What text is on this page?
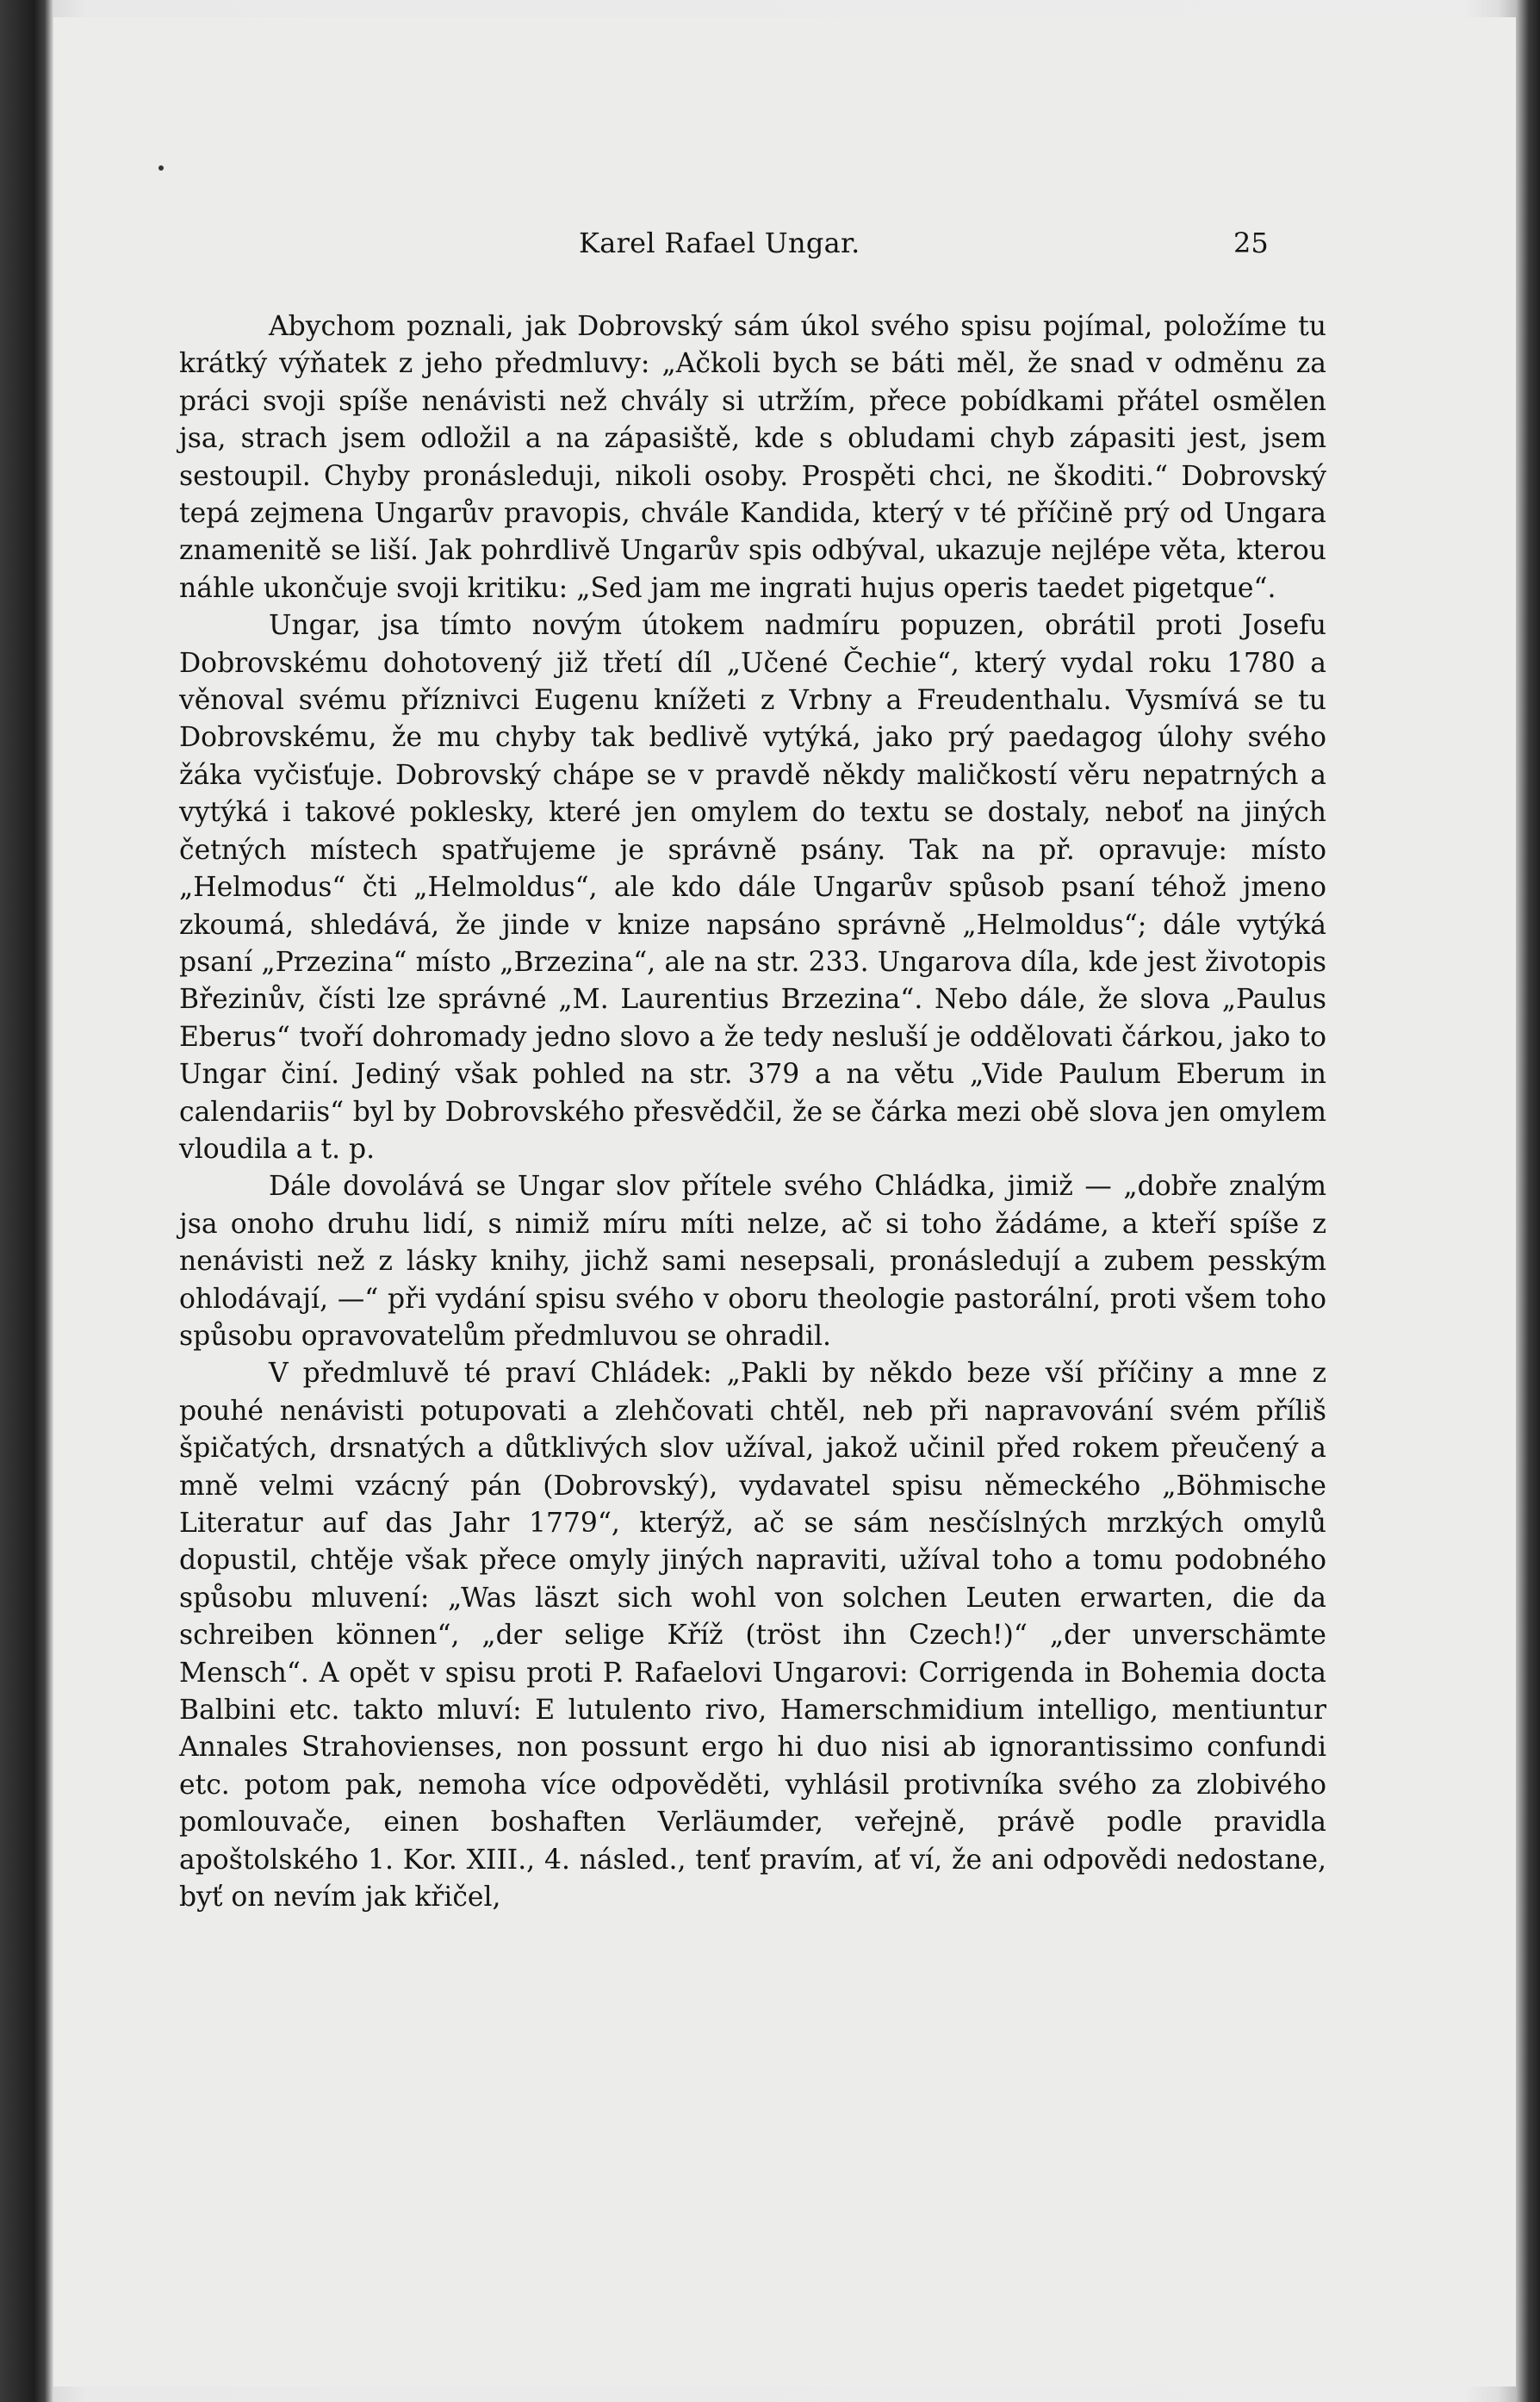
Karel Rafael Ungar.	25

Abychom poznali, jak Dobrovský sám úkol svého spisu pojímal, položíme tu krátký výňatek z jeho předmluvy: „Ačkoli bych se báti měl, že snad v odměnu za práci svoji spíše nenávisti než chvály si utržím, přece pobídkami přátel osmělen jsa, strach jsem odložil a na zápasiště, kde s obludami chyb zápasiti jest, jsem sestoupil. Chyby pronásleduji, nikoli osoby. Prospěti chci, ne škoditi.“ Dobrovský tepá zejmena Ungarův pravopis, chvále Kandida, který v té příčině prý od Ungara znamenitě se liší. Jak pohrdlivě Ungarův spis odbýval, ukazuje nejlépe věta, kterou náhle ukončuje svoji kritiku: „Sed jam me ingrati hujus operis taedet pigetque“.

Ungar, jsa tímto novým útokem nadmíru popuzen, obrátil proti Josefu Dobrovskému dohotovený již třetí díl „Učené Čechie“, který vydal roku 1780 a věnoval svému příznivci Eugenu knížeti z Vrbny a Freudenthalu. Vysmívá se tu Dobrovskému, že mu chyby tak bedlivě vytýká, jako prý paedagog úlohy svého žáka vyčisťuje. Dobrovský chápe se v pravdě někdy maličkostí věru nepatrných a vytýká i takové poklesky, které jen omylem do textu se dostaly, neboť na jiných četných místech spatřujeme je správně psány. Tak na př. opravuje: místo „Helmodus“ čti „Helmoldus“, ale kdo dále Ungarův spůsob psaní téhož jmeno zkoumá, shledává, že jinde v knize napsáno správně „Helmoldus“; dále vytýká psaní „Przezina“ místo „Brzezina“, ale na str. 233. Ungarova díla, kde jest životopis Březinův, čísti lze správné „M. Laurentius Brzezina“. Nebo dále, že slova „Paulus Eberus“ tvoří dohromady jedno slovo a že tedy nesluší je oddělovati čárkou, jako to Ungar činí. Jediný však pohled na str. 379 a na větu „Vide Paulum Eberum in calendariis“ byl by Dobrovského přesvědčil, že se čárka mezi obě slova jen omylem vloudila a t. p.

Dále dovolává se Ungar slov přítele svého Chládka, jimiž — „dobře znalým jsa onoho druhu lidí, s nimiž míru míti nelze, ač si toho žádáme, a kteří spíše z nenávisti než z lásky knihy, jichž sami nesepsali, pronásledují a zubem pesským ohlodávají, —“ při vydání spisu svého v oboru theologie pastorální, proti všem toho spůsobu opravovatelům předmluvou se ohradil.

V předmluvě té praví Chládek: „Pakli by někdo beze vší příčiny a mne z pouhé nenávisti potupovati a zlehčovati chtěl, neb při napravování svém příliš špičatých, drsnatých a důtklivých slov užíval, jakož učinil před rokem přeučený a mně velmi vzácný pán (Dobrovský), vydavatel spisu německého „Böhmische Literatur auf das Jahr 1779“, kterýž, ač se sám nesčíslných mrzkých omylů dopustil, chtěje však přece omyly jiných napraviti, užíval toho a tomu podobného spůsobu mluvení: „Was läszt sich wohl von solchen Leuten erwarten, die da schreiben können“, „der selige Kříž (tröst ihn Czech!)“ „der unverschämte Mensch“. A opět v spisu proti P. Rafaelovi Ungarovi: Corrigenda in Bohemia docta Balbini etc. takto mluví: E lutulento rivo, Hamerschmidium intelligo, mentiuntur Annales Strahovienses, non possunt ergo hi duo nisi ab ignorantissimo confundi etc. potom pak, nemoha více odpověděti, vyhlásil protivníka svého za zlobivého pomlouvače, einen boshaften Verläumder, veřejně, právě podle pravidla apoštolského 1. Kor. XIII., 4. násled., tenť pravím, ať ví, že ani odpovědi nedostane, byť on nevím jak křičel,
